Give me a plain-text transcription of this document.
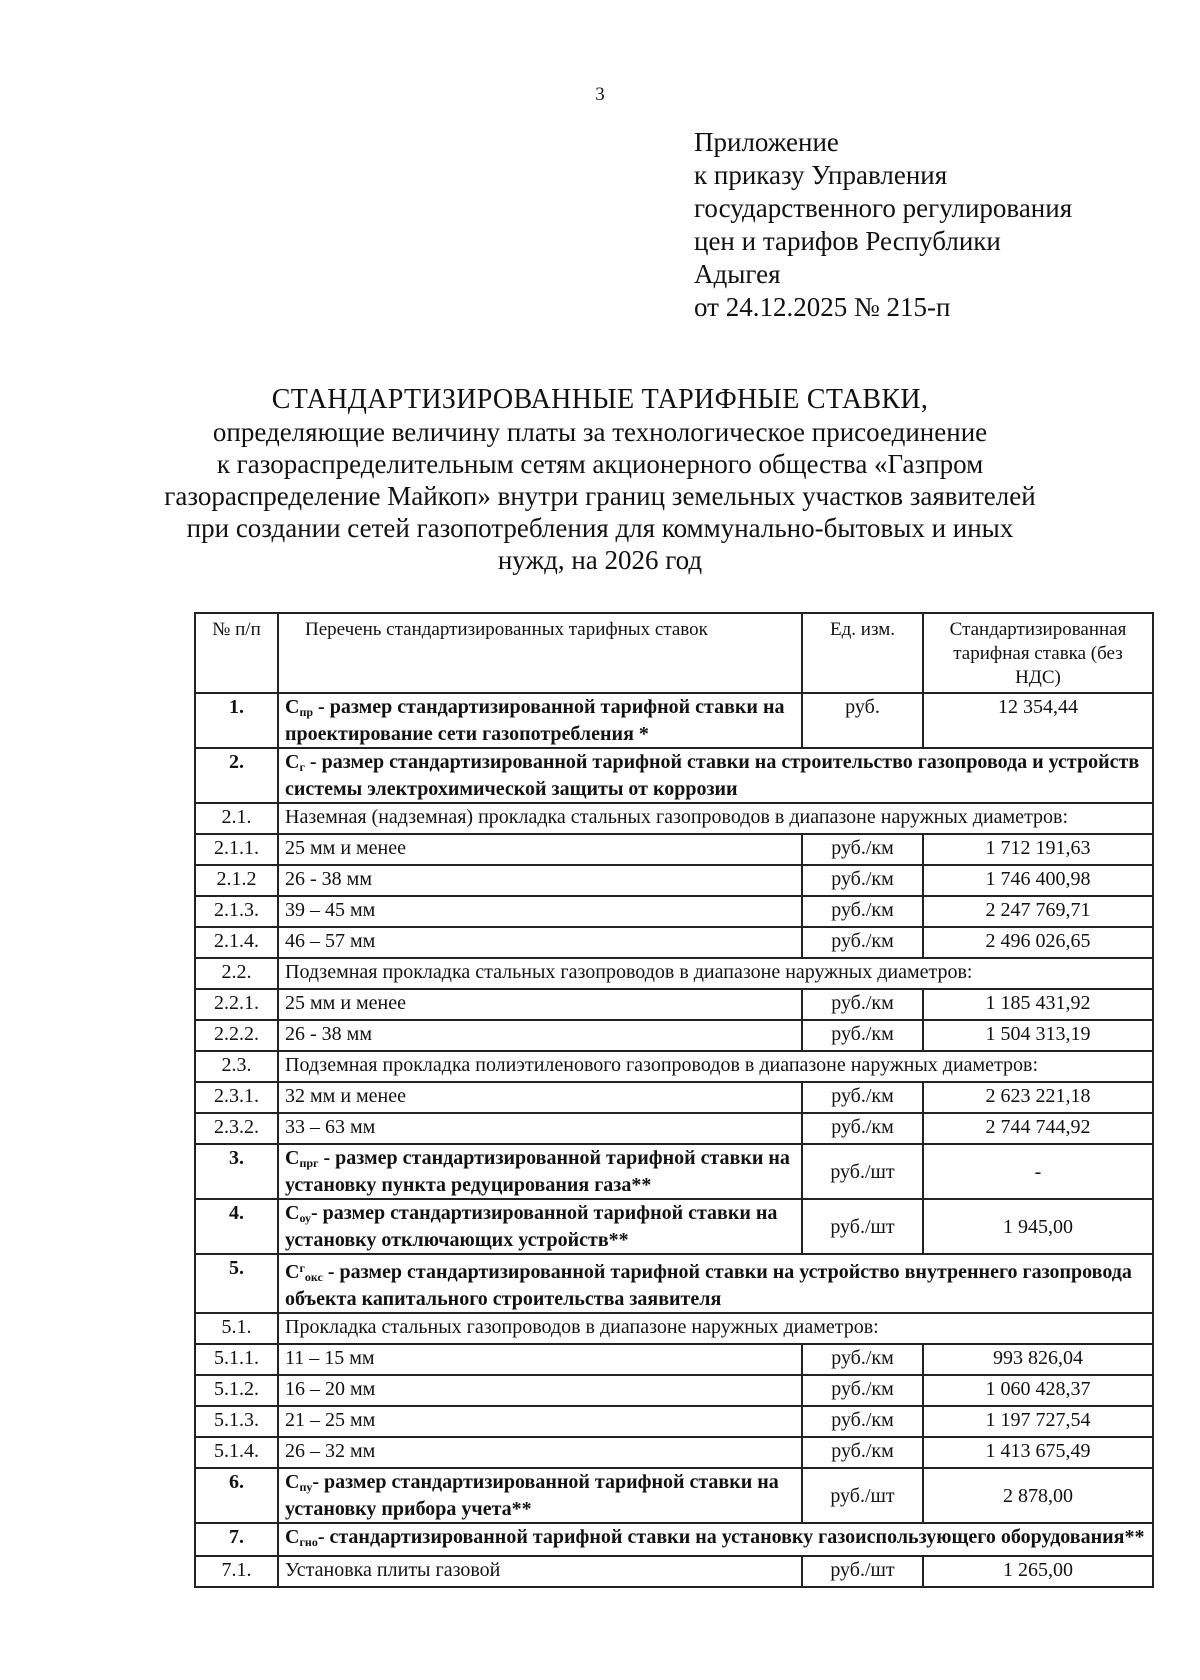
3
Приложение
к приказу Управления
государственного регулирования
цен и тарифов Республики
Адыгея
от 24.12.2025 № 215-п
СТАНДАРТИЗИРОВАННЫЕ ТАРИФНЫЕ СТАВКИ,
определяющие величину платы за технологическое присоединение
к газораспределительным сетям акционерного общества «Газпром
газораспределение Майкоп» внутри границ земельных участков заявителей
при создании сетей газопотребления для коммунально-бытовых и иных
нужд, на 2026 год
№ п/п	Перечень стандартизированных тарифных ставок	Ед. изм.	Стандартизированная тарифная ставка (без НДС)
1.	$С_{пр}$ - размер стандартизированной тарифной ставки на проектирование сети газопотребления *	руб.	12 354,44
2.	$С_г$ - размер стандартизированной тарифной ставки на строительство газопровода и устройств системы электрохимической защиты от коррозии		
2.1.	Наземная (надземная) прокладка стальных газопроводов в диапазоне наружных диаметров:		
2.1.1.	25 мм и менее	руб./км	1 712 191,63
2.1.2	26 - 38 мм	руб./км	1 746 400,98
2.1.3.	39 – 45 мм	руб./км	2 247 769,71
2.1.4.	46 – 57 мм	руб./км	2 496 026,65
2.2.	Подземная прокладка стальных газопроводов в диапазоне наружных диаметров:		
2.2.1.	25 мм и менее	руб./км	1 185 431,92
2.2.2.	26 - 38 мм	руб./км	1 504 313,19
2.3.	Подземная прокладка полиэтиленового газопроводов в диапазоне наружных диаметров:		
2.3.1.	32 мм и менее	руб./км	2 623 221,18
2.3.2.	33 – 63 мм	руб./км	2 744 744,92
3.	$С_{прг}$ - размер стандартизированной тарифной ставки на установку пункта редуцирования газа**	руб./шт	-
4.	$С_{оу}-$ размер стандартизированной тарифной ставки на установку отключающих устройств**	руб./шт	1 945,00
5.	$С^г_{окс}$ - размер стандартизированной тарифной ставки на устройство внутреннего газопровода объекта капитального строительства заявителя		
5.1.	Прокладка стальных газопроводов в диапазоне наружных диаметров:		
5.1.1.	11 – 15 мм	руб./км	993 826,04
5.1.2.	16 – 20 мм	руб./км	1 060 428,37
5.1.3.	21 – 25 мм	руб./км	1 197 727,54
5.1.4.	26 – 32 мм	руб./км	1 413 675,49
6.	$С_{пу}-$ размер стандартизированной тарифной ставки на установку прибора учета**	руб./шт	2 878,00
7.	$С_{гно}-$ стандартизированной тарифной ставки на установку газоиспользующего оборудования**		
7.1.	Установка плиты газовой	руб./шт	1 265,00
